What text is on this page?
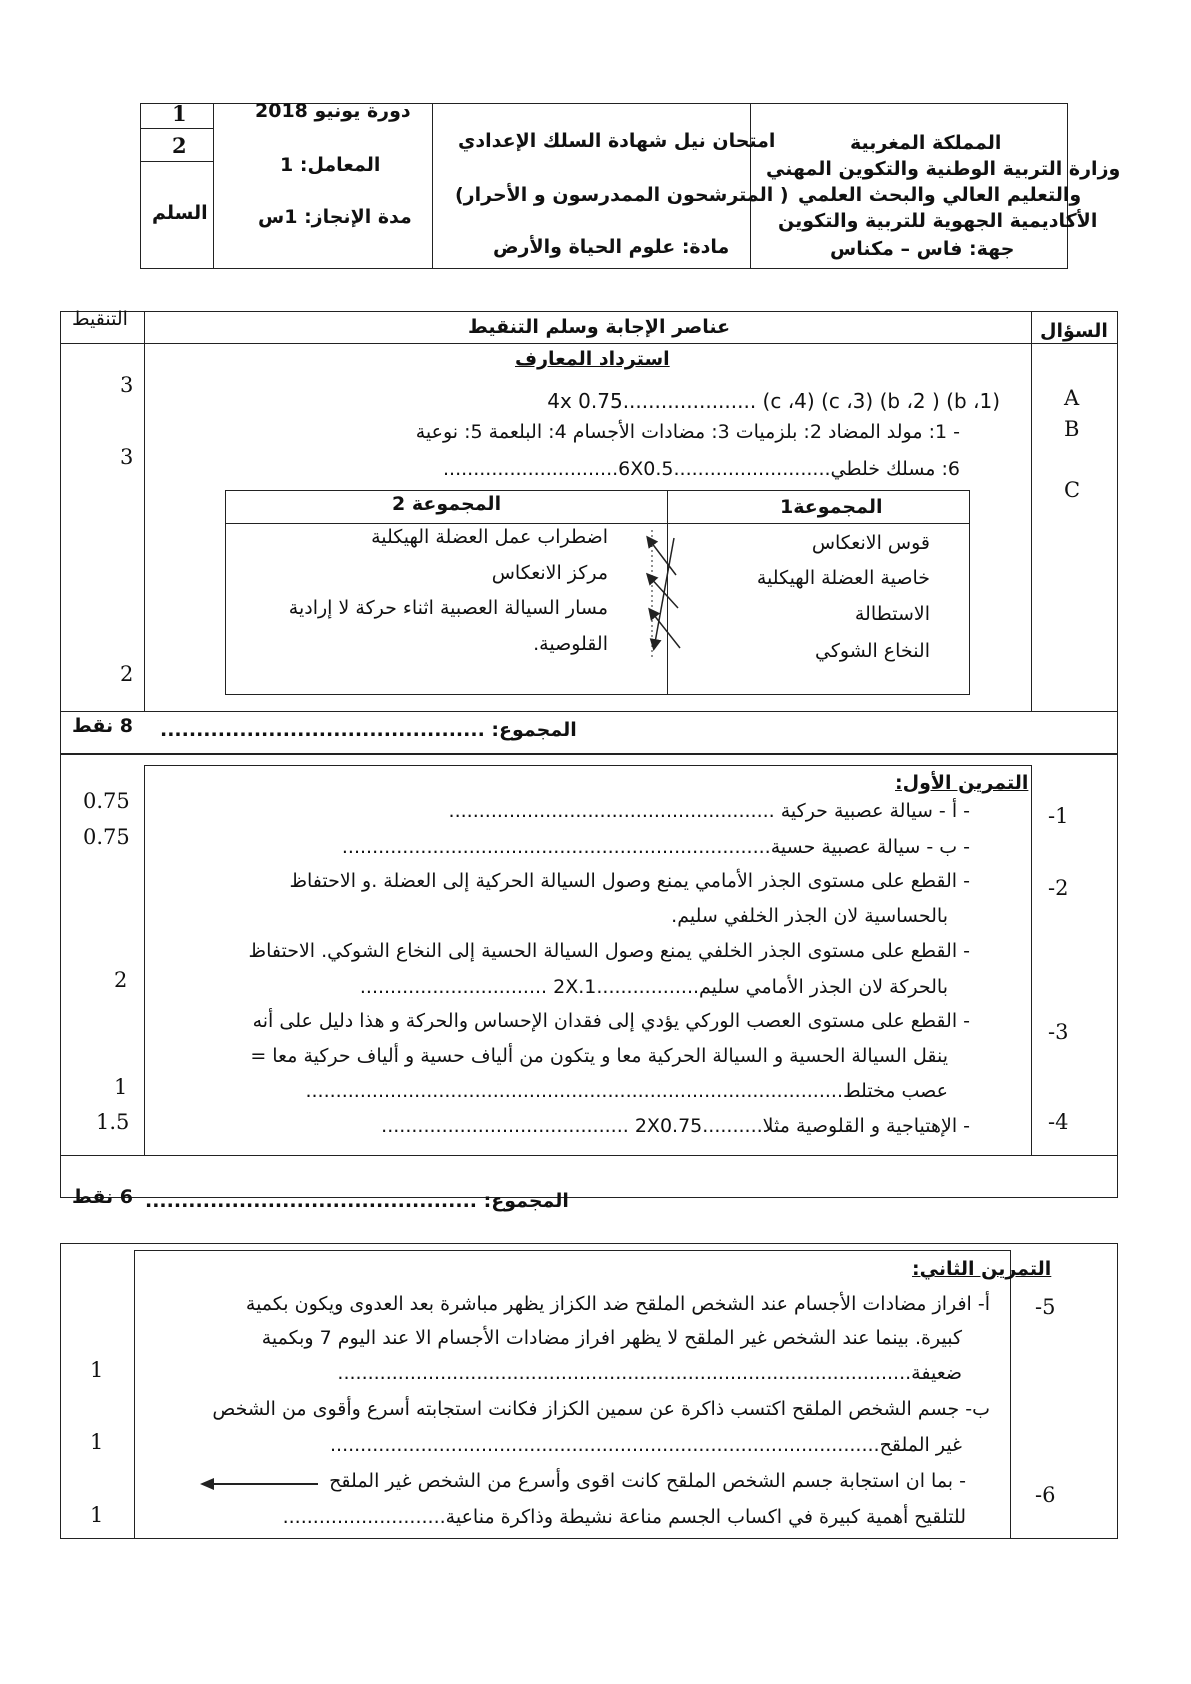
1
2
السلم
دورة يونيو 2018
المعامل: 1
مدة الإنجاز: 1س
امتحان نيل شهادة السلك الإعدادي
( المترشحون الممدرسون و الأحرار)
مادة: علوم الحياة والأرض
المملكة المغربية
وزارة التربية الوطنية والتكوين المهني
والتعليم العالي والبحث العلمي
الأكاديمية الجهوية للتربية والتكوين
جهة: فاس – مكناس
التنقيط	عناصر الإجابة وسلم التنقيط	السؤال
استرداد المعارف
A
B
C
3
3
2
(b ،1) ( b ،2) (c ،3) (c ،4) .....................4x 0.75
- 1: مولد المضاد 2: بلزميات 3: مضادات الأجسام 4: البلعمة 5: نوعية
6: مسلك خلطي..........................6X0.5.............................
المجموعة1
المجموعة 2
قوس الانعكاس
خاصية العضلة الهيكلية
الاستطالة
النخاع الشوكي
اضطراب عمل العضلة الهيكلية
مركز الانعكاس
مسار السيالة العصبية اثناء حركة لا إرادية
القلوصية.
المجموع: .............................................
8 نقط
التمرين الأول:
-1
-2
-3
-4
0.75
0.75
2
1
1.5
- أ - سيالة عصبية حركية ......................................................
- ب - سيالة عصبية حسية.......................................................................
- القطع على مستوى الجذر الأمامي يمنع وصول السيالة الحركية إلى العضلة .و الاحتفاظ
بالحساسية لان الجذر الخلفي سليم.
- القطع على مستوى الجذر الخلفي يمنع وصول السيالة الحسية إلى النخاع الشوكي. الاحتفاظ
بالحركة لان الجذر الأمامي سليم.................2X.1 ...............................
- القطع على مستوى العصب الوركي يؤدي إلى فقدان الإحساس والحركة و هذا دليل على أنه
ينقل السيالة الحسية و السيالة الحركية معا و يتكون من ألياف حسية و ألياف حركية معا =
عصب مختلط.........................................................................................
- الإهتياجية و القلوصية مثلا..........2X0.75 .........................................
المجموع: ..............................................
6 نقط
التمرين الثاني:
-5
-6
1
1
1
أ- افراز مضادات الأجسام عند الشخص الملقح ضد الكزاز يظهر مباشرة بعد العدوى ويكون بكمية
كبيرة. بينما عند الشخص غير الملقح لا يظهر افراز مضادات الأجسام الا عند اليوم 7 وبكمية
ضعيفة...............................................................................................
ب- جسم الشخص الملقح اكتسب ذاكرة عن سمين الكزاز فكانت استجابته أسرع وأقوى من الشخص
غير الملقح...........................................................................................
- بما ان استجابة جسم الشخص الملقح كانت اقوى وأسرع من الشخص غير الملقح
للتلقيح أهمية كبيرة في اكساب الجسم مناعة نشيطة وذاكرة مناعية...........................
